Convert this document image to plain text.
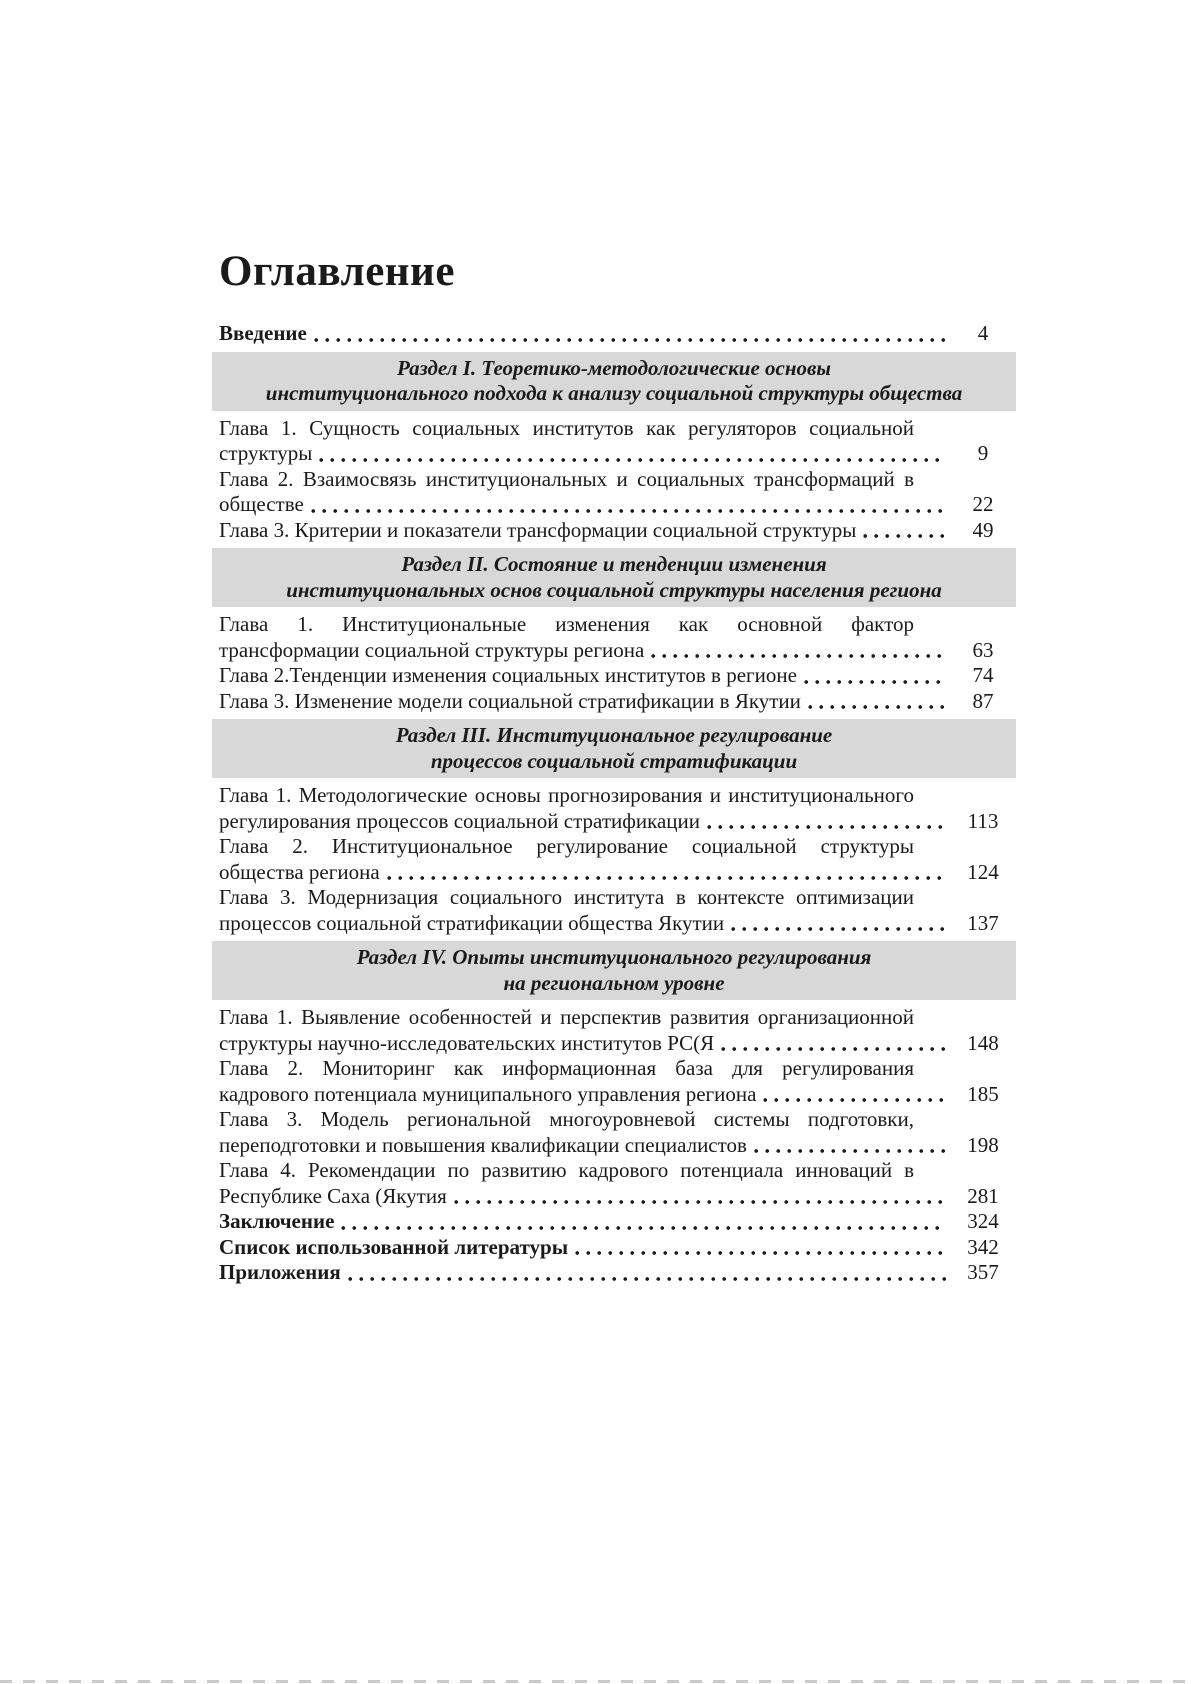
Оглавление
Введение	4
Раздел I. Теоретико-методологические основы
институционального подхода к анализу социальной структуры общества
Глава 1. Сущность социальных институтов как регуляторов социальной
структуры	9
Глава 2. Взаимосвязь институциональных и социальных трансформаций в
обществе	22
Глава 3. Критерии и показатели трансформации социальной структуры	49
Раздел II. Состояние и тенденции изменения
институциональных основ социальной структуры населения региона
Глава 1. Институциональные изменения как основной фактор
трансформации социальной структуры региона	63
Глава 2.Тенденции изменения социальных институтов в регионе	74
Глава 3. Изменение модели социальной стратификации в Якутии	87
Раздел III. Институциональное регулирование
процессов социальной стратификации
Глава 1. Методологические основы прогнозирования и институционального
регулирования процессов социальной стратификации	113
Глава 2. Институциональное регулирование социальной структуры
общества региона	124
Глава 3. Модернизация социального института в контексте оптимизации
процессов социальной стратификации общества Якутии	137
Раздел IV. Опыты институционального регулирования
на региональном уровне
Глава 1. Выявление особенностей и перспектив развития организационной
структуры научно-исследовательских институтов РС(Я	148
Глава 2. Мониторинг как информационная база для регулирования
кадрового потенциала муниципального управления региона	185
Глава 3. Модель региональной многоуровневой системы подготовки,
переподготовки и повышения квалификации специалистов	198
Глава 4. Рекомендации по развитию кадрового потенциала инноваций в
Республике Саха (Якутия	281
Заключение	324
Список использованной литературы	342
Приложения	357
